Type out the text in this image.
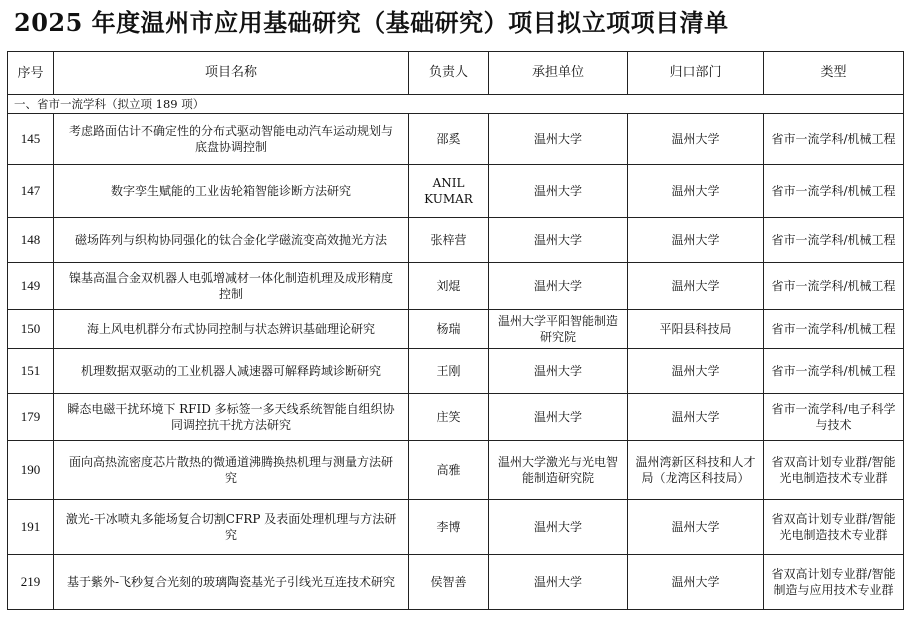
2025 年度温州市应用基础研究（基础研究）项目拟立项项目清单
序号	项目名称	负责人	承担单位	归口部门	类型
一、省市一流学科（拟立项 189 项）					
145	考虑路面估计不确定性的分布式驱动智能电动汽车运动规划与底盘协调控制	邵奚	温州大学	温州大学	省市一流学科/机械工程
147	数字孪生赋能的工业齿轮箱智能诊断方法研究	ANIL KUMAR	温州大学	温州大学	省市一流学科/机械工程
148	磁场阵列与织构协同强化的钛合金化学磁流变高效抛光方法	张梓营	温州大学	温州大学	省市一流学科/机械工程
149	镍基高温合金双机器人电弧增减材一体化制造机理及成形精度控制	刘焜	温州大学	温州大学	省市一流学科/机械工程
150	海上风电机群分布式协同控制与状态辨识基础理论研究	杨瑞	温州大学平阳智能制造研究院	平阳县科技局	省市一流学科/机械工程
151	机理数据双驱动的工业机器人减速器可解释跨域诊断研究	王刚	温州大学	温州大学	省市一流学科/机械工程
179	瞬态电磁干扰环境下 RFID 多标签一多天线系统智能自组织协同调控抗干扰方法研究	庄笑	温州大学	温州大学	省市一流学科/电子科学与技术
190	面向高热流密度芯片散热的微通道沸腾换热机理与测量方法研究	高雅	温州大学激光与光电智能制造研究院	温州湾新区科技和人才局（龙湾区科技局）	省双高计划专业群/智能光电制造技术专业群
191	激光-干冰喷丸多能场复合切割CFRP 及表面处理机理与方法研究	李博	温州大学	温州大学	省双高计划专业群/智能光电制造技术专业群
219	基于紫外-飞秒复合光刻的玻璃陶瓷基光子引线光互连技术研究	侯智善	温州大学	温州大学	省双高计划专业群/智能制造与应用技术专业群
